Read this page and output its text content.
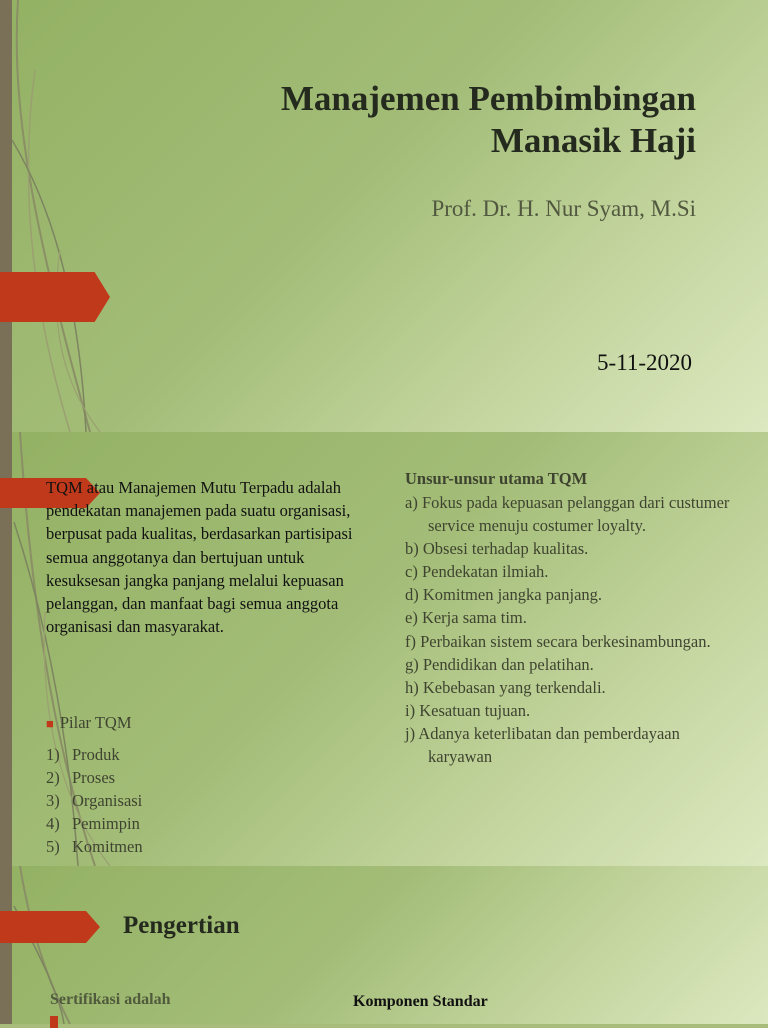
Manajemen Pembimbingan
Manasik Haji
Prof. Dr. H. Nur Syam, M.Si
5-11-2020
TQM atau Manajemen Mutu Terpadu adalah pendekatan manajemen pada suatu organisasi, berpusat pada kualitas, berdasarkan partisipasi semua anggotanya dan bertujuan untuk kesuksesan jangka panjang melalui kepuasan pelanggan, dan manfaat bagi semua anggota organisasi dan masyarakat.
■ Pilar TQM
1) Produk
2) Proses
3) Organisasi
4) Pemimpin
5) Komitmen
Unsur-unsur utama TQM
a) Fokus pada kepuasan pelanggan dari custumer service menuju costumer loyalty.
b) Obsesi terhadap kualitas.
c) Pendekatan ilmiah.
d) Komitmen jangka panjang.
e) Kerja sama tim.
f) Perbaikan sistem secara berkesinambungan.
g) Pendidikan dan pelatihan.
h) Kebebasan yang terkendali.
i) Kesatuan tujuan.
j) Adanya keterlibatan dan pemberdayaan karyawan
Pengertian
Sertifikasi adalah	Komponen Standar
